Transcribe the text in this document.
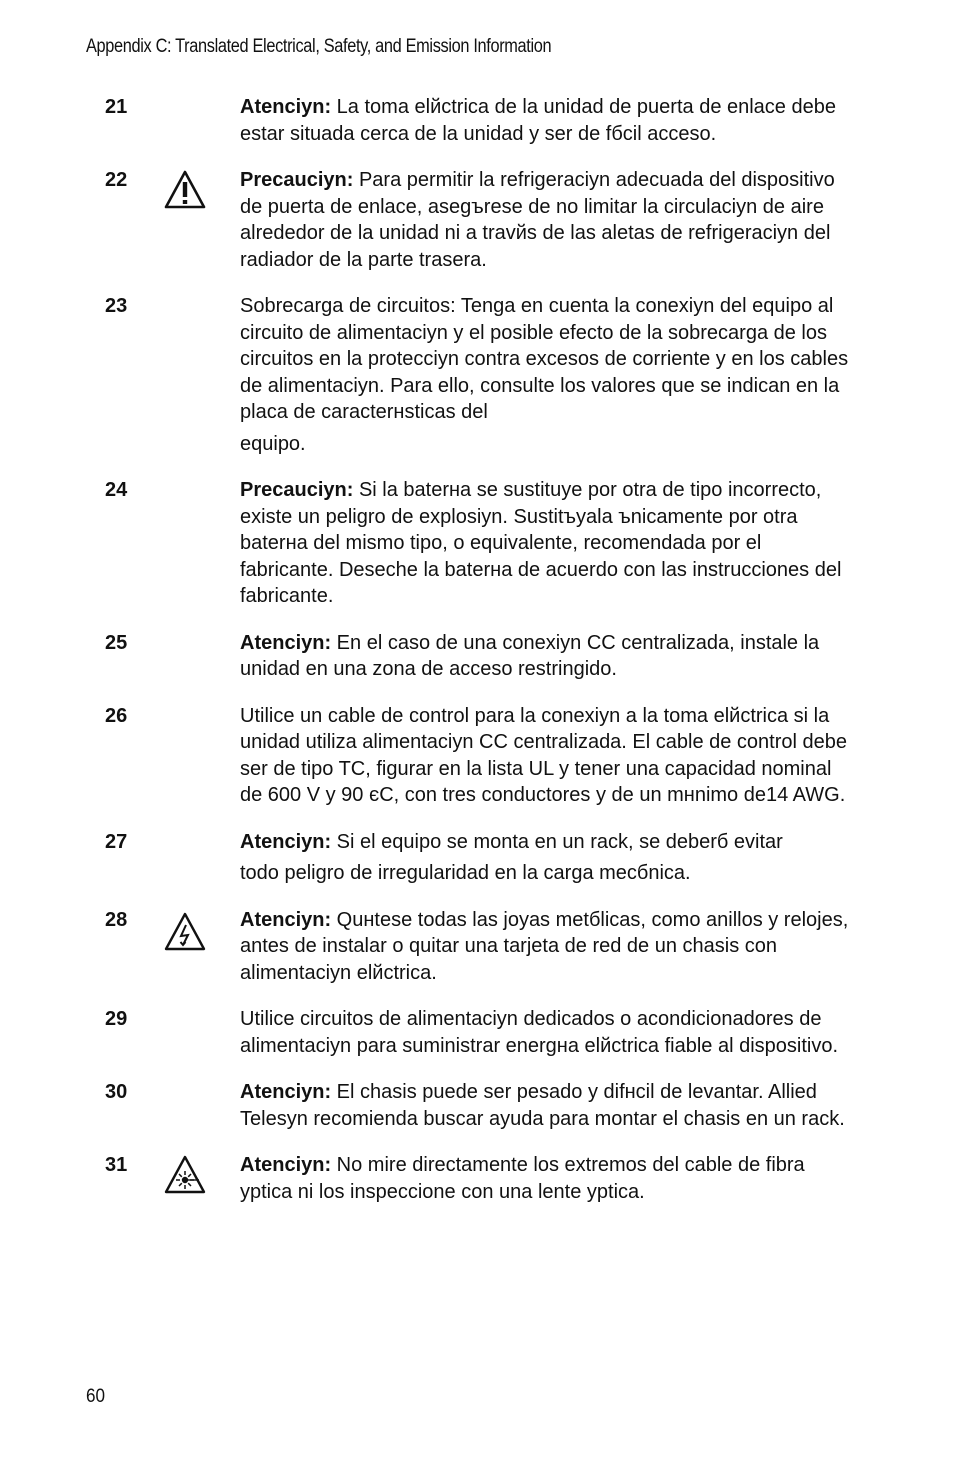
Appendix C: Translated Electrical, Safety, and Emission Information
21	Atenciyn: La toma elйctrica de la unidad de puerta de enlace debe estar situada cerca de la unidad y ser de fбcil acceso.
22	Precauciyn: Para permitir la refrigeraciyn adecuada del dispositivo de puerta de enlace, asegъrese de no limitar la circulaciyn de aire alrededor de la unidad ni a travйs de las aletas de refrigeraciyn del radiador de la parte trasera.
23	Sobrecarga de circuitos: Tenga en cuenta la conexiyn del equipo al circuito de alimentaciyn y el posible efecto de la sobrecarga de los circuitos en la protecciyn contra excesos de corriente y en los cables de alimentaciyn. Para ello, consulte los valores que se indican en la placa de caracterнsticas del
equipo.
24	Precauciyn: Si la baterнa se sustituye por otra de tipo incorrecto, existe un peligro de explosiyn. Sustitъyala ъnicamente por otra baterнa del mismo tipo, o equivalente, recomendada por el fabricante. Deseche la baterнa de acuerdo con las instrucciones del fabricante.
25	Atenciyn: En el caso de una conexiyn CC centralizada, instale la unidad en una zona de acceso restringido.
26	Utilice un cable de control para la conexiyn a la toma elйctrica si la unidad utiliza alimentaciyn CC centralizada. El cable de control debe ser de tipo TC, figurar en la lista UL y tener una capacidad nominal de 600 V y 90 єC, con tres conductores y de un mнnimo de14 AWG.
27	Atenciyn: Si el equipo se monta en un rack, se deberб evitar
todo peligro de irregularidad en la carga mecбnica.
28	Atenciyn: Quнtese todas las joyas metбlicas, como anillos y relojes, antes de instalar o quitar una tarjeta de red de un chasis con alimentaciyn elйctrica.
29	Utilice circuitos de alimentaciyn dedicados o acondicionadores de alimentaciyn para suministrar energнa elйctrica fiable al dispositivo.
30	Atenciyn: El chasis puede ser pesado y difнcil de levantar. Allied Telesyn recomienda buscar ayuda para montar el chasis en un rack.
31	Atenciyn: No mire directamente los extremos del cable de fibra yptica ni los inspeccione con una lente yptica.
60
